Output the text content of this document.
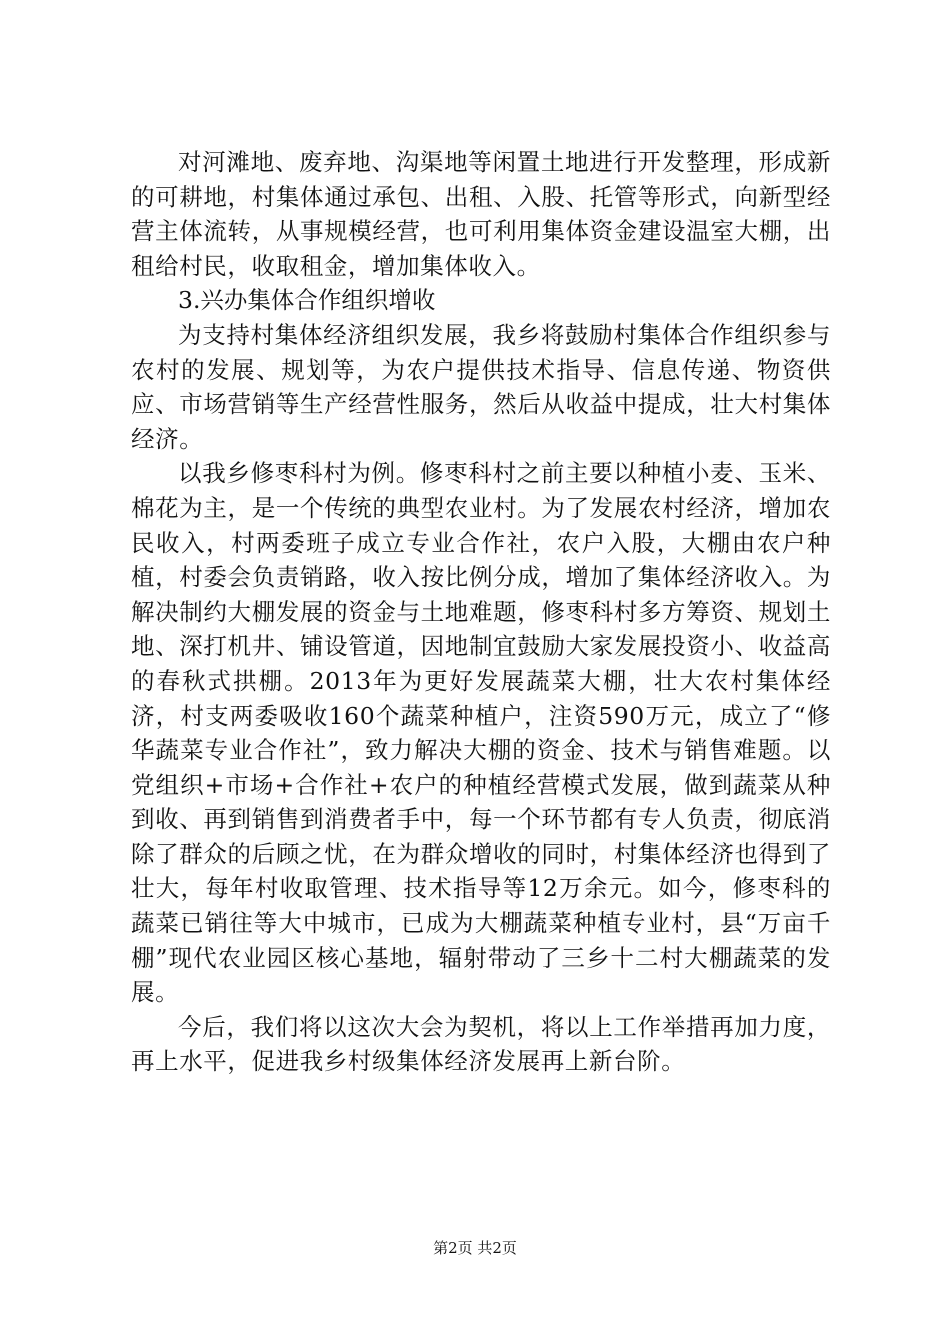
对河滩地、废弃地、沟渠地等闲置土地进行开发整理，形成新的可耕地，村集体通过承包、出租、入股、托管等形式，向新型经营主体流转，从事规模经营，也可利用集体资金建设温室大棚，出租给村民，收取租金，增加集体收入。

3.兴办集体合作组织增收

为支持村集体经济组织发展，我乡将鼓励村集体合作组织参与农村的发展、规划等，为农户提供技术指导、信息传递、物资供应、市场营销等生产经营性服务，然后从收益中提成，壮大村集体经济。

以我乡修枣科村为例。修枣科村之前主要以种植小麦、玉米、棉花为主，是一个传统的典型农业村。为了发展农村经济，增加农民收入，村两委班子成立专业合作社，农户入股，大棚由农户种植，村委会负责销路，收入按比例分成，增加了集体经济收入。为解决制约大棚发展的资金与土地难题，修枣科村多方筹资、规划土地、深打机井、铺设管道，因地制宜鼓励大家发展投资小、收益高的春秋式拱棚。2013年为更好发展蔬菜大棚，壮大农村集体经济，村支两委吸收160个蔬菜种植户，注资590万元，成立了“修华蔬菜专业合作社”，致力解决大棚的资金、技术与销售难题。以党组织+市场+合作社+农户的种植经营模式发展，做到蔬菜从种到收、再到销售到消费者手中，每一个环节都有专人负责，彻底消除了群众的后顾之忧，在为群众增收的同时，村集体经济也得到了壮大，每年村收取管理、技术指导等12万余元。如今，修枣科的蔬菜已销往等大中城市，已成为大棚蔬菜种植专业村，县“万亩千棚”现代农业园区核心基地，辐射带动了三乡十二村大棚蔬菜的发展。

今后，我们将以这次大会为契机，将以上工作举措再加力度，再上水平，促进我乡村级集体经济发展再上新台阶。

第2页 共2页
